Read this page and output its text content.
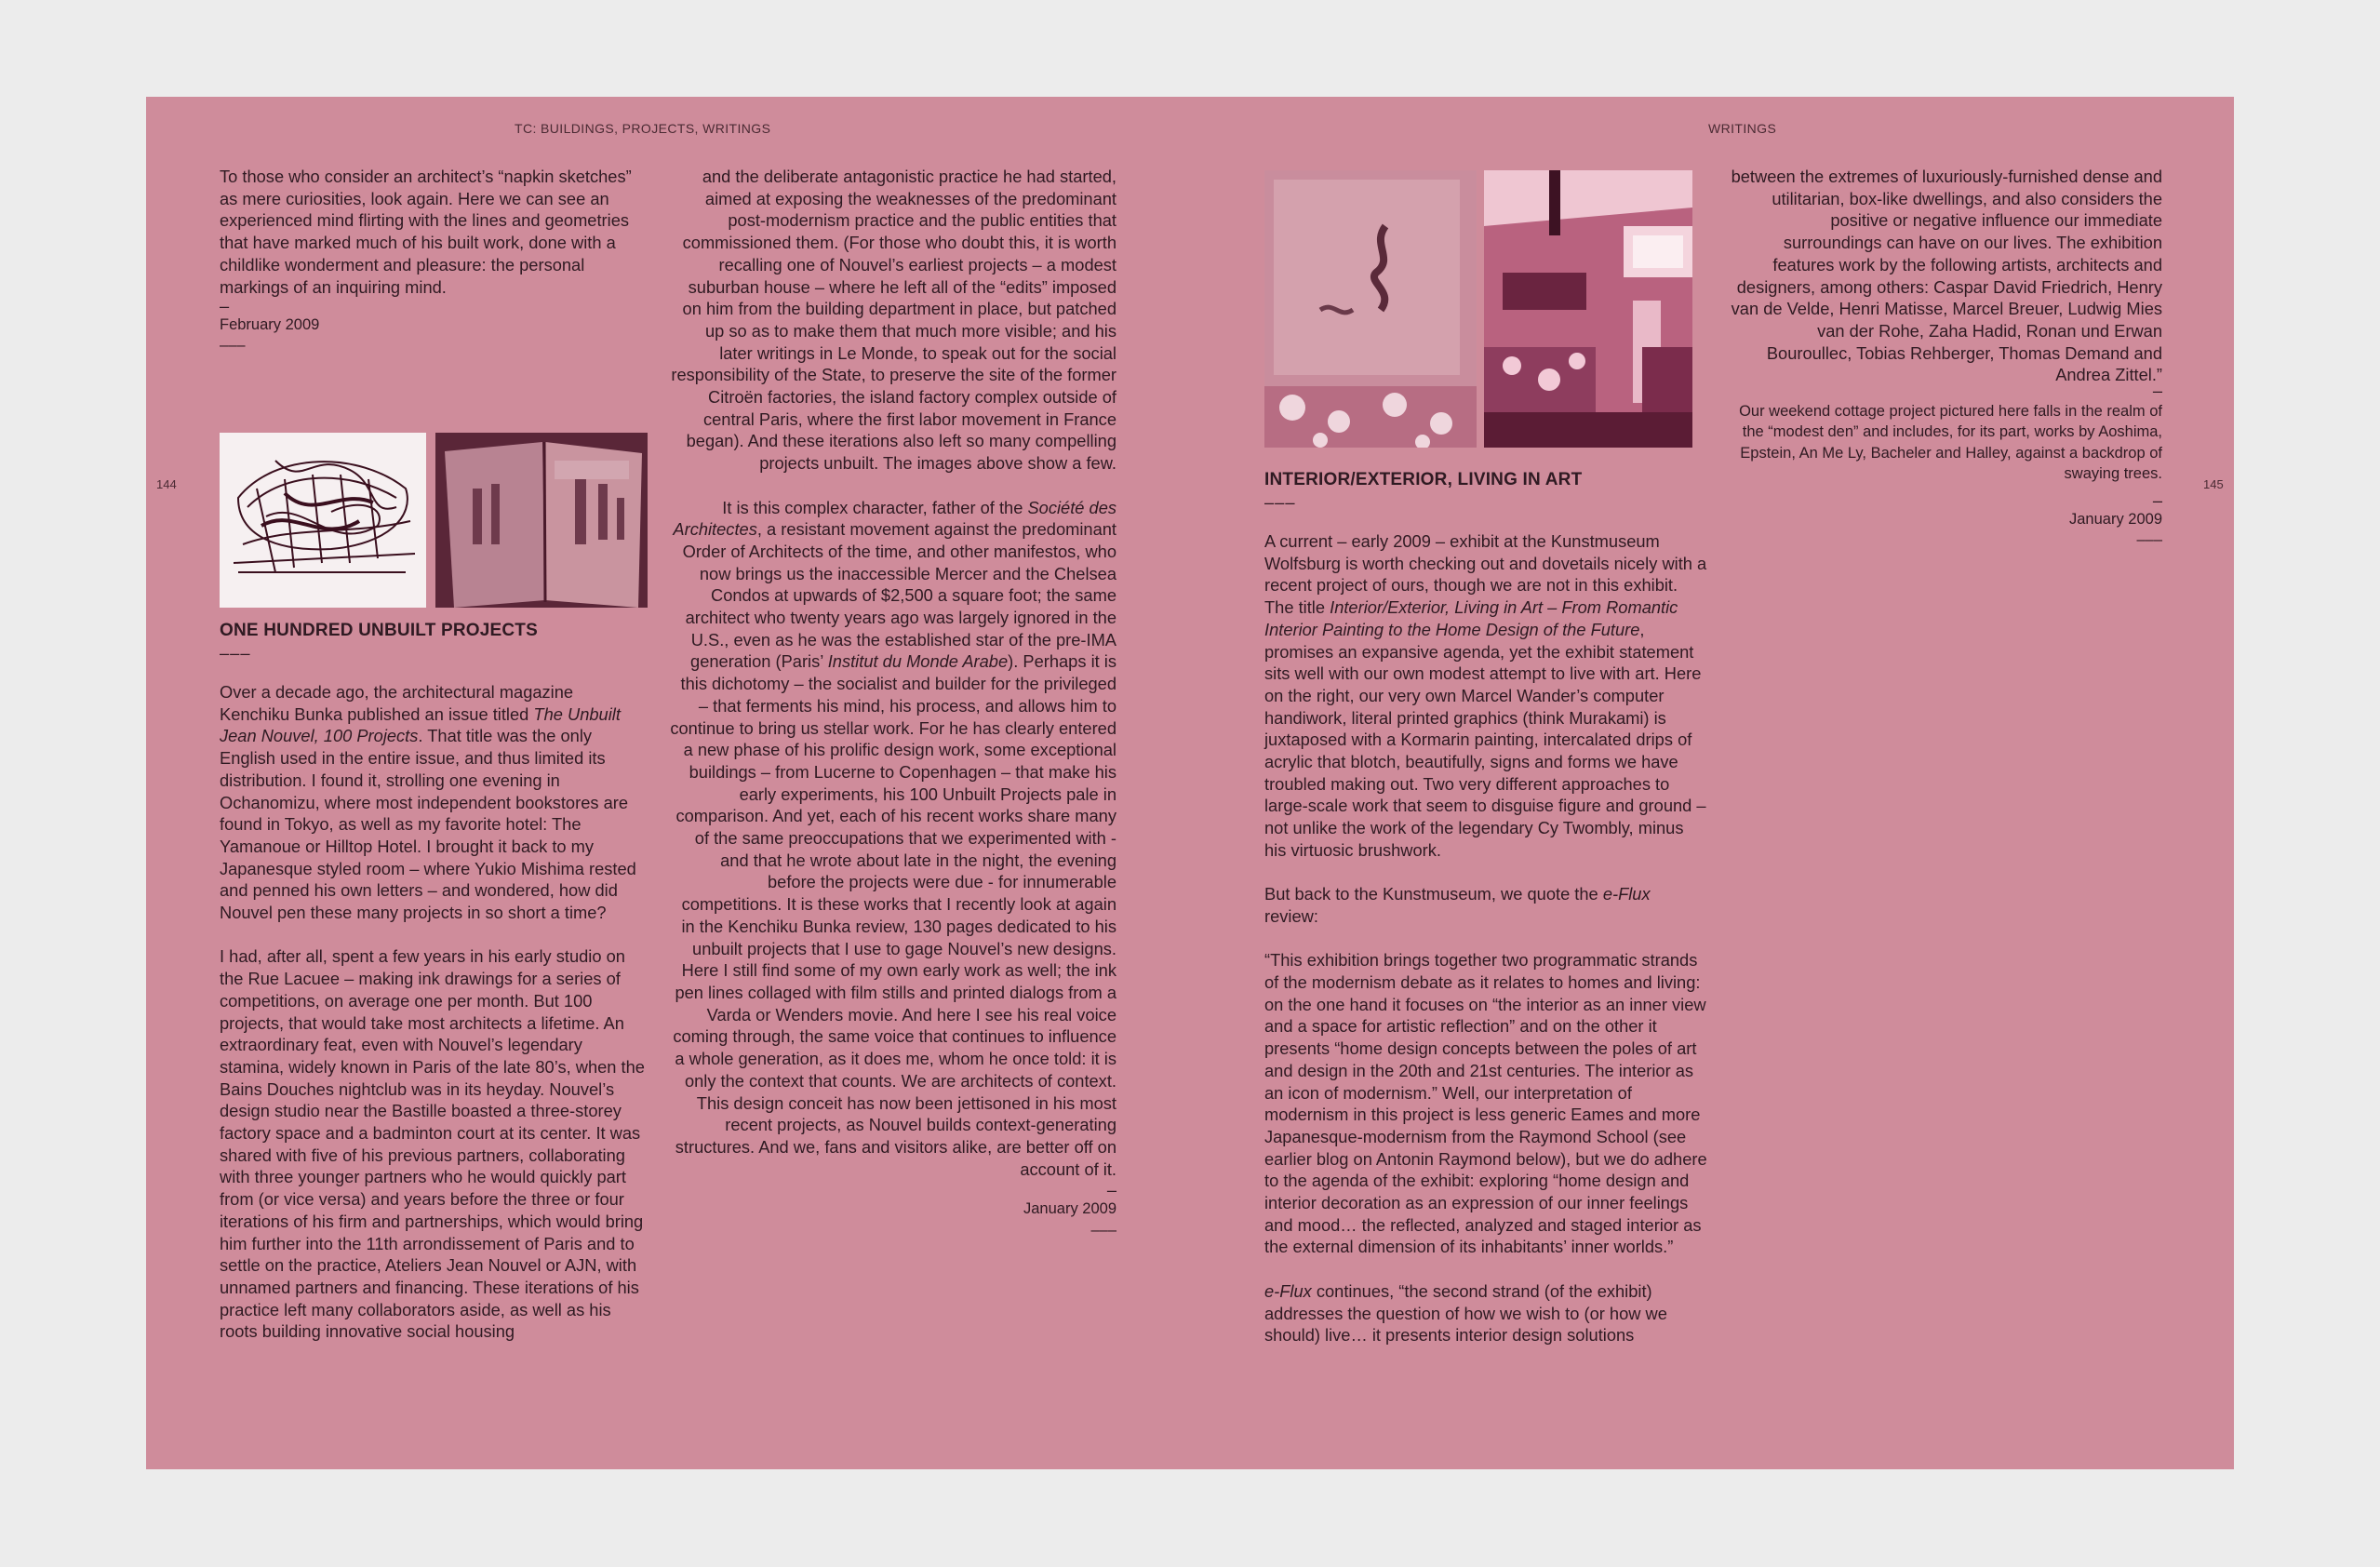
TC: BUILDINGS, PROJECTS, WRITINGS	WRITINGS
144	145

To those who consider an architect’s “napkin sketches” as mere curiosities, look again. Here we can see an experienced mind flirting with the lines and geometries that have marked much of his built work, done with a childlike wonderment and pleasure: the personal markings of an inquiring mind.

–
February 2009
–––
ONE HUNDRED UNBUILT PROJECTS
–––

Over a decade ago, the architectural magazine Kenchiku Bunka published an issue titled The Unbuilt Jean Nouvel, 100 Projects. That title was the only English used in the entire issue, and thus limited its distribution. I found it, strolling one evening in Ochanomizu, where most independent bookstores are found in Tokyo, as well as my favorite hotel: The Yamanoue or Hilltop Hotel. I brought it back to my Japanesque styled room – where Yukio Mishima rested and penned his own letters – and wondered, how did Nouvel pen these many projects in so short a time?

I had, after all, spent a few years in his early studio on the Rue Lacuee – making ink drawings for a series of competitions, on average one per month. But 100 projects, that would take most architects a lifetime. An extraordinary feat, even with Nouvel’s legendary stamina, widely known in Paris of the late 80’s, when the Bains Douches nightclub was in its heyday. Nouvel’s design studio near the Bastille boasted a three-storey factory space and a badminton court at its center. It was shared with five of his previous partners, collaborating with three younger partners who he would quickly part from (or vice versa) and years before the three or four iterations of his firm and partnerships, which would bring him further into the 11th arrondissement of Paris and to settle on the practice, Ateliers Jean Nouvel or AJN, with unnamed partners and financing. These iterations of his practice left many collaborators aside, as well as his roots building innovative social housing

and the deliberate antagonistic practice he had started, aimed at exposing the weaknesses of the predominant post-modernism practice and the public entities that commissioned them. (For those who doubt this, it is worth recalling one of Nouvel’s earliest projects – a modest suburban house – where he left all of the “edits” imposed on him from the building department in place, but patched up so as to make them that much more visible; and his later writings in Le Monde, to speak out for the social responsibility of the State, to preserve the site of the former Citroën factories, the island factory complex outside of central Paris, where the first labor movement in France began). And these iterations also left so many compelling projects unbuilt. The images above show a few.

It is this complex character, father of the Société des Architectes, a resistant movement against the predominant Order of Architects of the time, and other manifestos, who now brings us the inaccessible Mercer and the Chelsea Condos at upwards of $2,500 a square foot; the same architect who twenty years ago was largely ignored in the U.S., even as he was the established star of the pre-IMA generation (Paris’ Institut du Monde Arabe). Perhaps it is this dichotomy – the socialist and builder for the privileged – that ferments his mind, his process, and allows him to continue to bring us stellar work. For he has clearly entered a new phase of his prolific design work, some exceptional buildings – from Lucerne to Copenhagen – that make his early experiments, his 100 Unbuilt Projects pale in comparison. And yet, each of his recent works share many of the same preoccupations that we experimented with - and that he wrote about late in the night, the evening before the projects were due - for innumerable competitions. It is these works that I recently look at again in the Kenchiku Bunka review, 130 pages dedicated to his unbuilt projects that I use to gage Nouvel’s new designs. Here I still find some of my own early work as well; the ink pen lines collaged with film stills and printed dialogs from a Varda or Wenders movie. And here I see his real voice coming through, the same voice that continues to influence a whole generation, as it does me, whom he once told: it is only the context that counts. We are architects of context. This design conceit has now been jettisoned in his most recent projects, as Nouvel builds context-generating structures. And we, fans and visitors alike, are better off on account of it.

–
January 2009
–––
INTERIOR/EXTERIOR, LIVING IN ART
–––

A current – early 2009 – exhibit at the Kunstmuseum Wolfsburg is worth checking out and dovetails nicely with a recent project of ours, though we are not in this exhibit. The title Interior/Exterior, Living in Art – From Romantic Interior Painting to the Home Design of the Future, promises an expansive agenda, yet the exhibit statement sits well with our own modest attempt to live with art. Here on the right, our very own Marcel Wander’s computer handiwork, literal printed graphics (think Murakami) is juxtaposed with a Kormarin painting, intercalated drips of acrylic that blotch, beautifully, signs and forms we have troubled making out. Two very different approaches to large-scale work that seem to disguise figure and ground – not unlike the work of the legendary Cy Twombly, minus his virtuosic brushwork.

But back to the Kunstmuseum, we quote the e-Flux review:

“This exhibition brings together two programmatic strands of the modernism debate as it relates to homes and living: on the one hand it focuses on “the interior as an inner view and a space for artistic reflection” and on the other it presents “home design concepts between the poles of art and design in the 20th and 21st centuries. The interior as an icon of modernism.” Well, our interpretation of modernism in this project is less generic Eames and more Japanesque-modernism from the Raymond School (see earlier blog on Antonin Raymond below), but we do adhere to the agenda of the exhibit: exploring “home design and interior decoration as an expression of our inner feelings and mood… the reflected, analyzed and staged interior as the external dimension of its inhabitants’ inner worlds.”

e-Flux continues, “the second strand (of the exhibit) addresses the question of how we wish to (or how we should) live… it presents interior design solutions

between the extremes of luxuriously-furnished dense and utilitarian, box-like dwellings, and also considers the positive or negative influence our immediate surroundings can have on our lives. The exhibition features work by the following artists, architects and designers, among others: Caspar David Friedrich, Henry van de Velde, Henri Matisse, Marcel Breuer, Ludwig Mies van der Rohe, Zaha Hadid, Ronan und Erwan Bouroullec, Tobias Rehberger, Thomas Demand and Andrea Zittel.”

–

Our weekend cottage project pictured here falls in the realm of the “modest den” and includes, for its part, works by Aoshima, Epstein, An Me Ly, Bacheler and Halley, against a backdrop of swaying trees.

–
January 2009
–––
